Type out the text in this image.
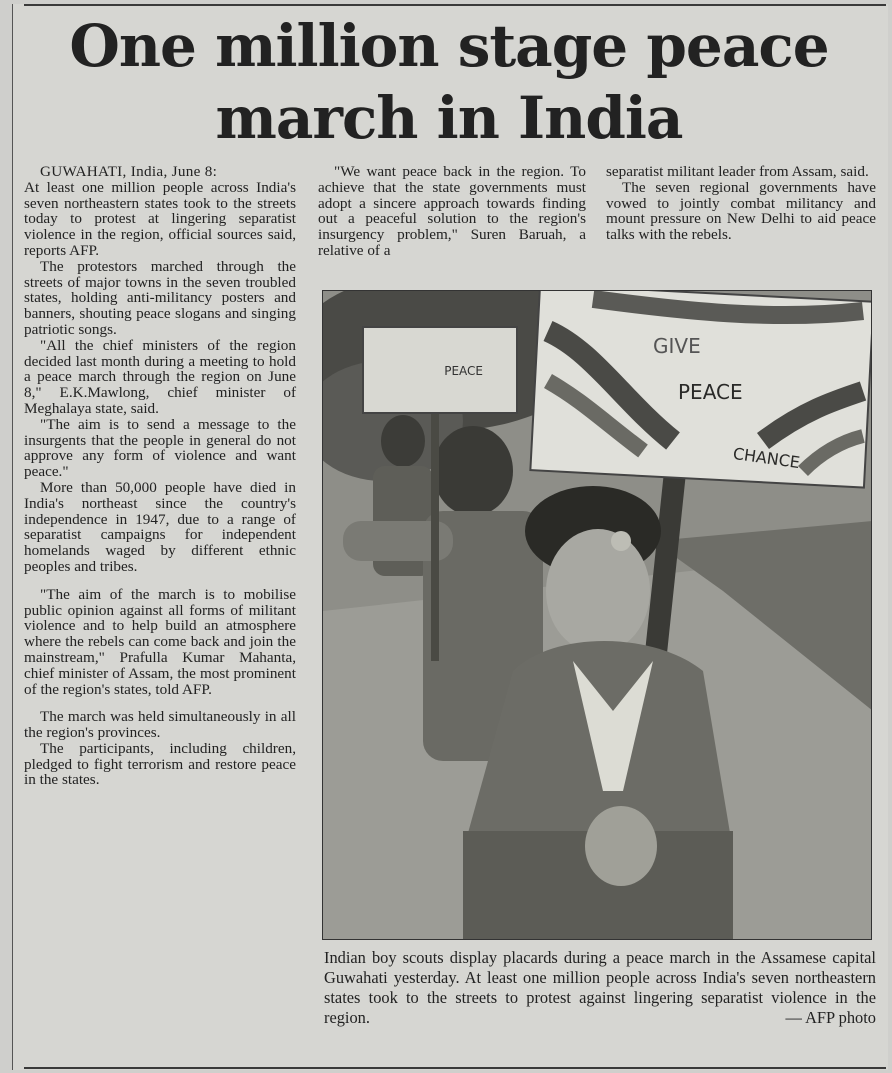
One million stage peace
march in India

GUWAHATI, India, June 8:

At least one million people across India's seven northeastern states took to the streets today to protest at lingering separatist violence in the region, official sources said, reports AFP.

The protestors marched through the streets of major towns in the seven troubled states, holding anti-militancy posters and banners, shouting peace slogans and singing patriotic songs.

"All the chief ministers of the region decided last month during a meeting to hold a peace march through the region on June 8," E.K.Mawlong, chief minister of Meghalaya state, said.

"The aim is to send a message to the insurgents that the people in general do not approve any form of violence and want peace."

More than 50,000 people have died in India's northeast since the country's independence in 1947, due to a range of separatist campaigns for independent homelands waged by different ethnic peoples and tribes.

"The aim of the march is to mobilise public opinion against all forms of militant violence and to help build an atmosphere where the rebels can come back and join the mainstream," Prafulla Kumar Mahanta, chief minister of Assam, the most prominent of the region's states, told AFP.

The march was held simultaneously in all the region's provinces.

The participants, including children, pledged to fight terrorism and restore peace in the states.

"We want peace back in the region. To achieve that the state governments must adopt a sincere approach towards finding out a peaceful solution to the region's insurgency problem," Suren Baruah, a relative of a

separatist militant leader from Assam, said.

The seven regional governments have vowed to jointly combat militancy and mount pressure on New Delhi to aid peace talks with the rebels.

PEACE
GIVE
PEACE
CHANCE
Indian boy scouts display placards during a peace march in the Assamese capital Guwahati yesterday. At least one million people across India's seven northeastern states took to the streets to protest against lingering separatist violence in the region.	— AFP photo
